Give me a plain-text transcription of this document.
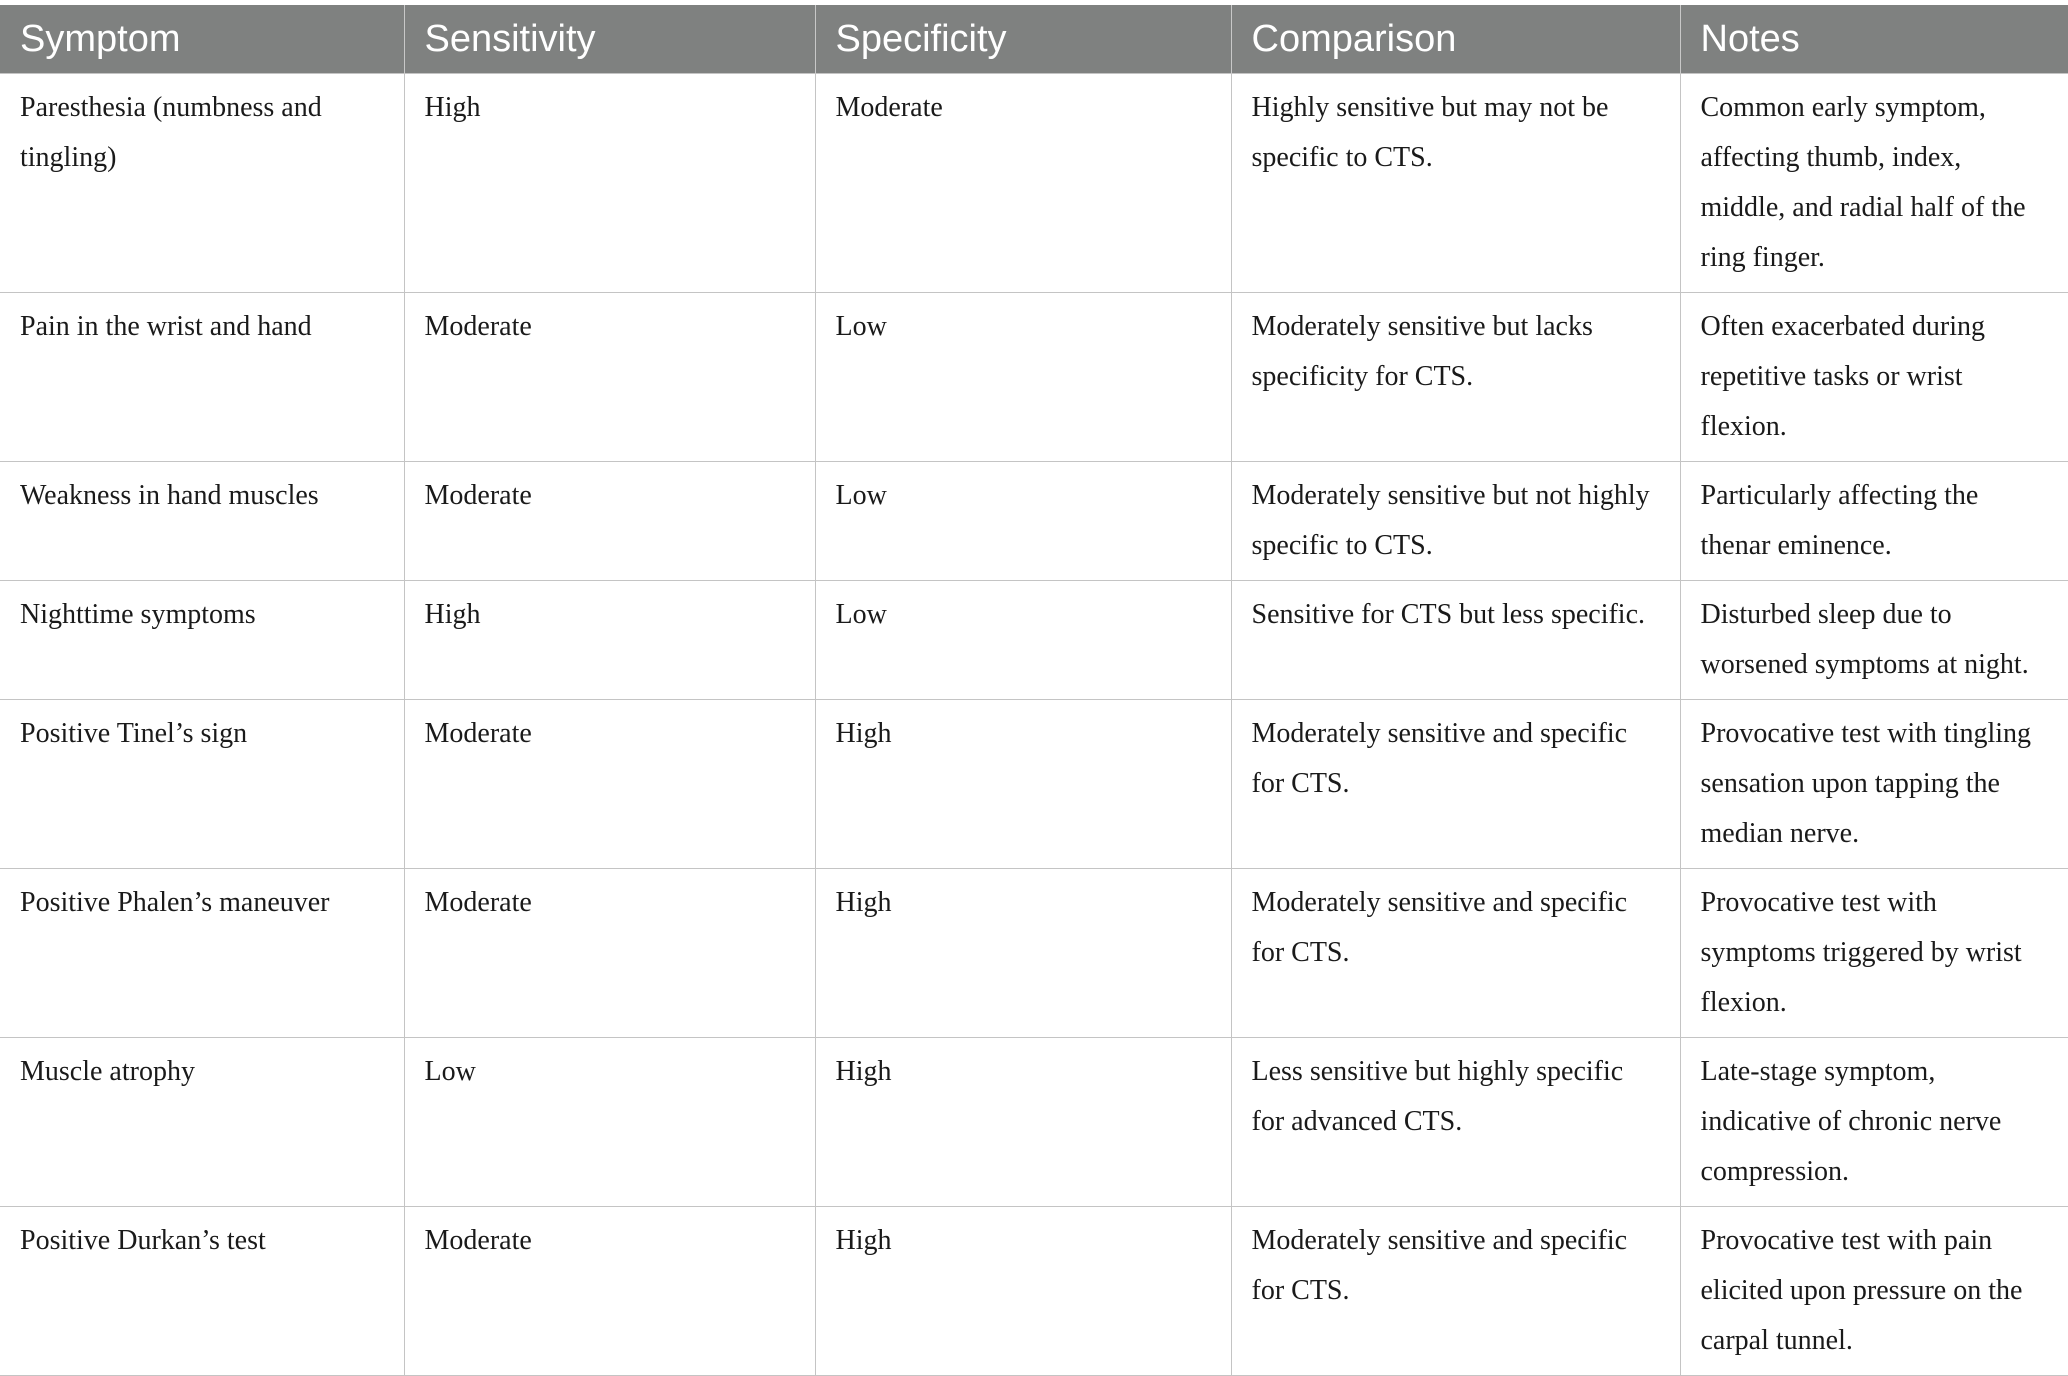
Symptom	Sensitivity	Specificity	Comparison	Notes
Paresthesia (numbness and tingling)	High	Moderate	Highly sensitive but may not be specific to CTS.	Common early symptom, affecting thumb, index, middle, and radial half of the ring finger.
Pain in the wrist and hand	Moderate	Low	Moderately sensitive but lacks specificity for CTS.	Often exacerbated during repetitive tasks or wrist flexion.
Weakness in hand muscles	Moderate	Low	Moderately sensitive but not highly specific to CTS.	Particularly affecting the thenar eminence.
Nighttime symptoms	High	Low	Sensitive for CTS but less specific.	Disturbed sleep due to worsened symptoms at night.
Positive Tinel’s sign	Moderate	High	Moderately sensitive and specific for CTS.	Provocative test with tingling sensation upon tapping the median nerve.
Positive Phalen’s maneuver	Moderate	High	Moderately sensitive and specific for CTS.	Provocative test with symptoms triggered by wrist flexion.
Muscle atrophy	Low	High	Less sensitive but highly specific for advanced CTS.	Late-stage symptom, indicative of chronic nerve compression.
Positive Durkan’s test	Moderate	High	Moderately sensitive and specific for CTS.	Provocative test with pain elicited upon pressure on the carpal tunnel.
